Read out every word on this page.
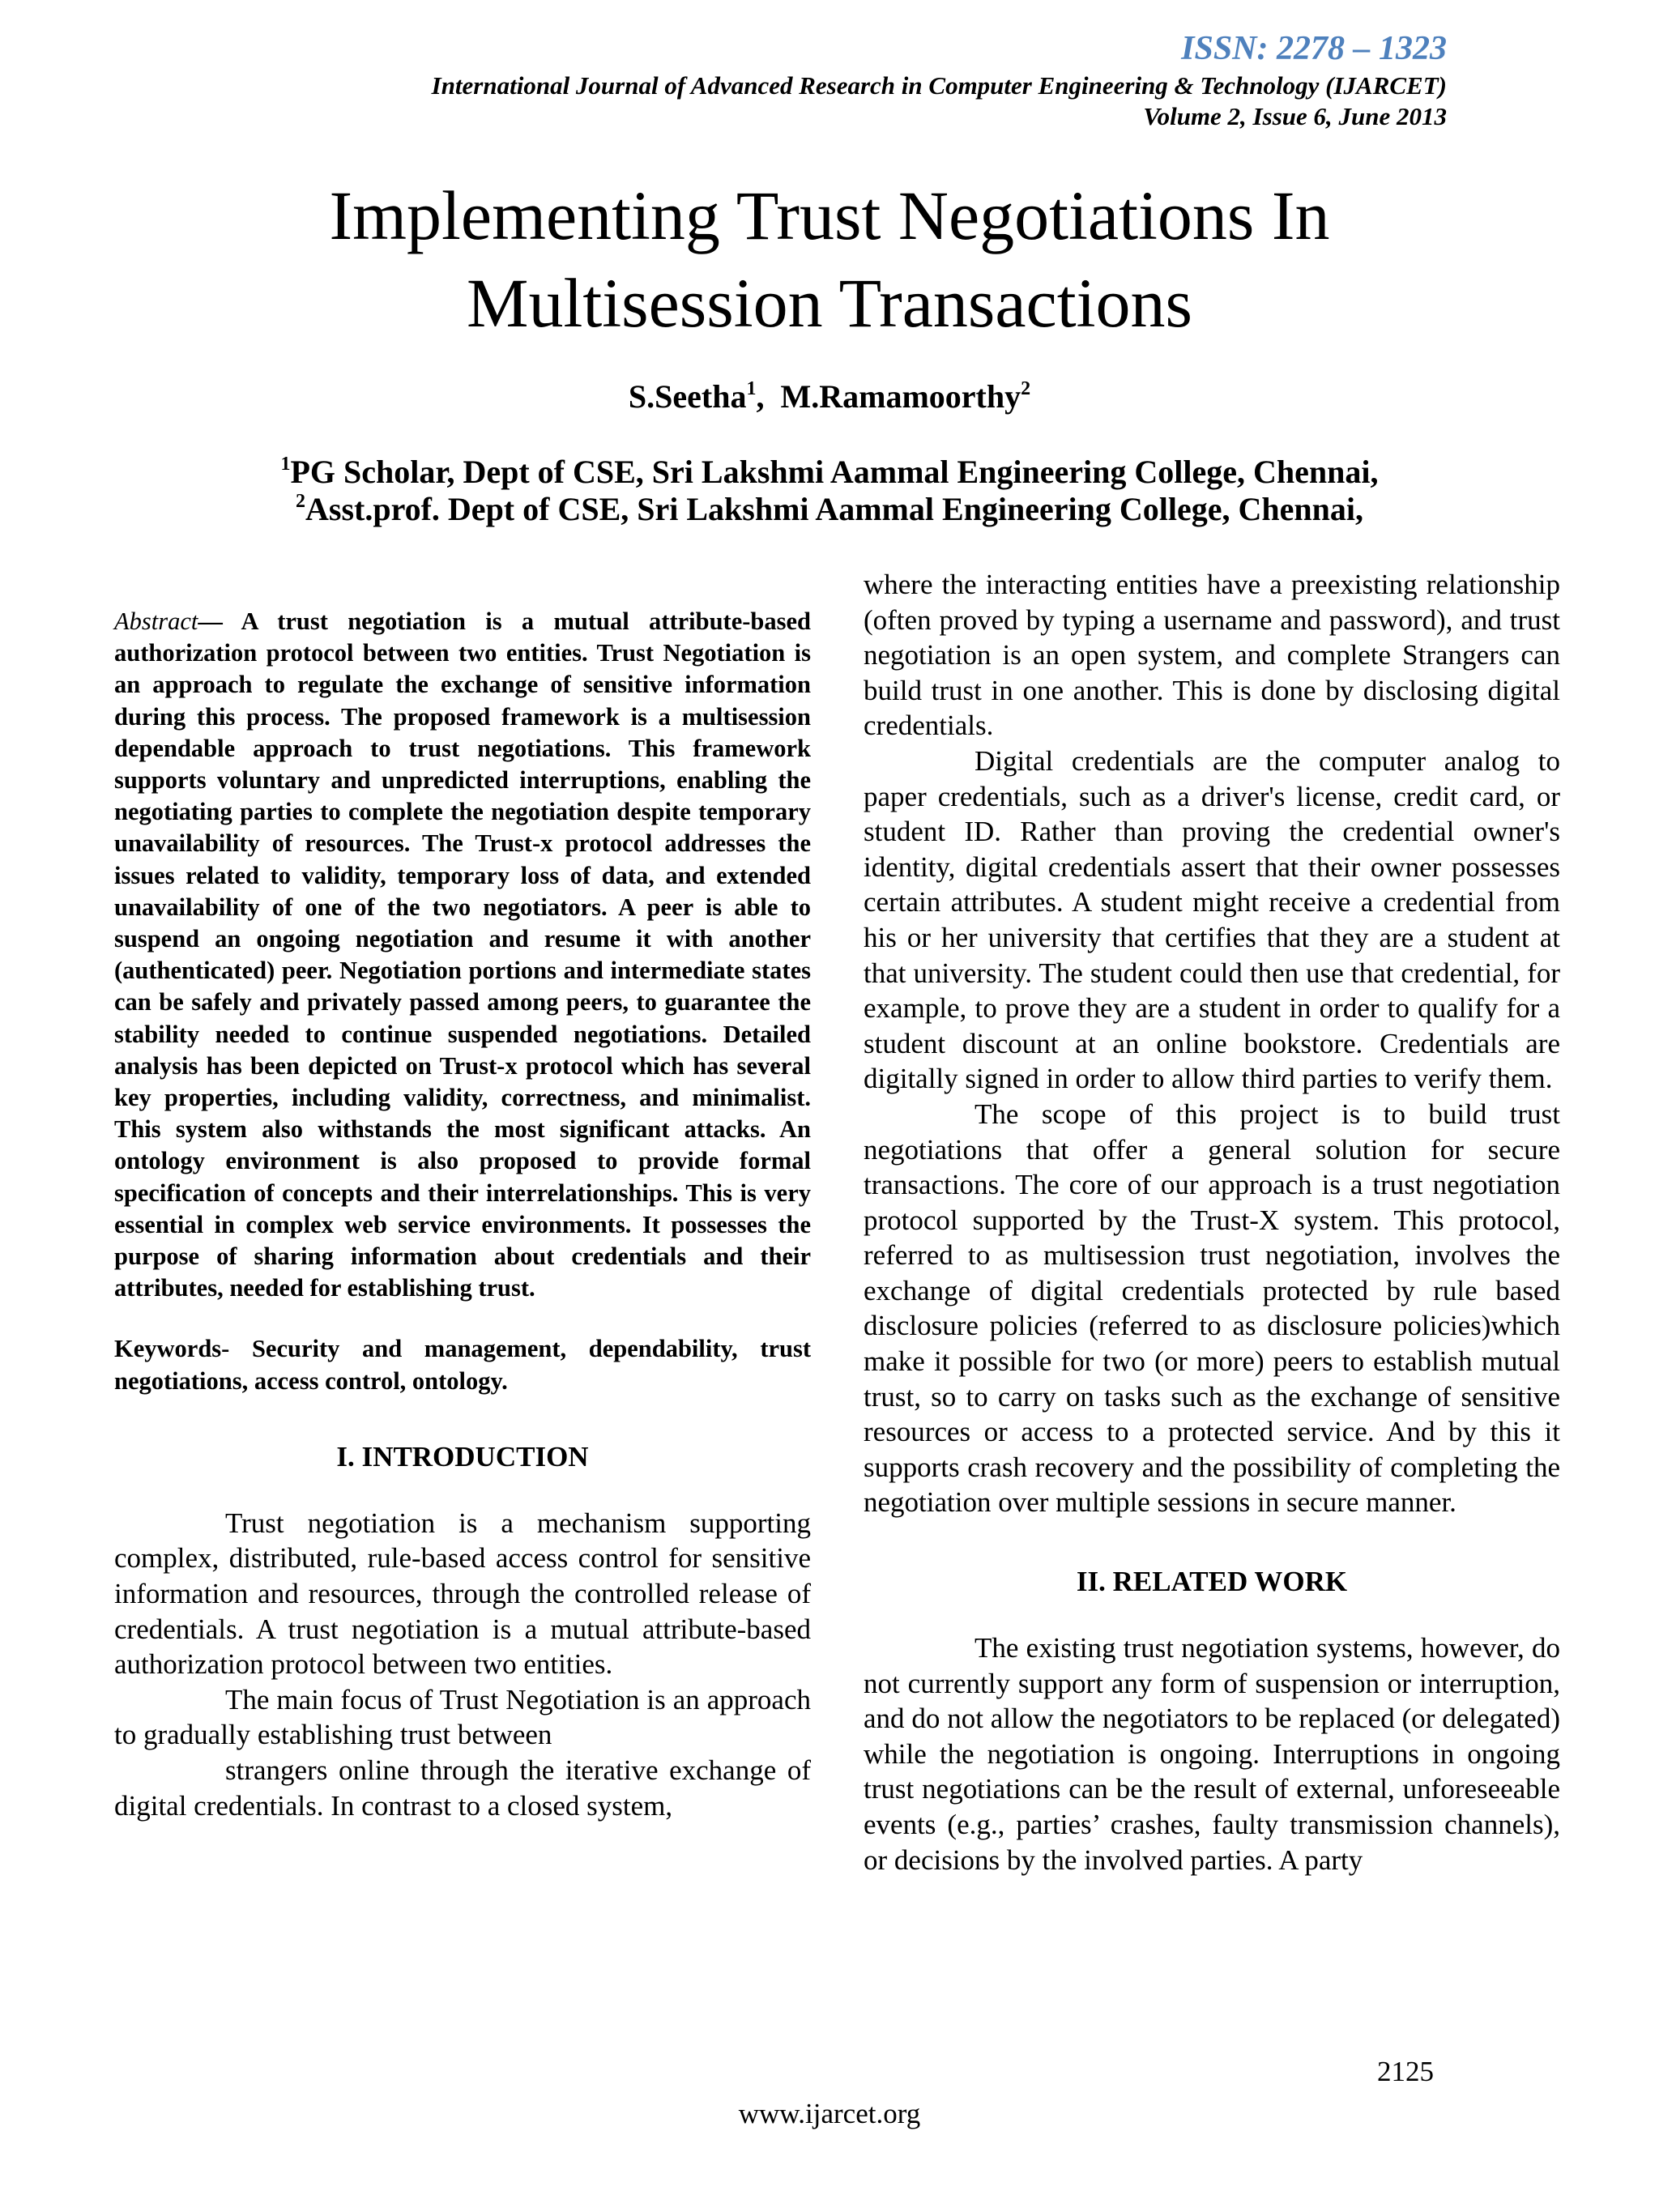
ISSN: 2278 – 1323
International Journal of Advanced Research in Computer Engineering & Technology (IJARCET)
Volume 2, Issue 6, June 2013
Implementing Trust Negotiations In
Multisession Transactions
S.Seetha$^1$,  M.Ramamoorthy$^2$
$^1$PG Scholar, Dept of CSE, Sri Lakshmi Aammal Engineering College, Chennai,
$^2$Asst.prof. Dept of CSE, Sri Lakshmi Aammal Engineering College, Chennai,

Abstract— A trust negotiation is a mutual attribute-based authorization protocol between two entities. Trust Negotiation is an approach to regulate the exchange of sensitive information during this process. The proposed framework is a multisession dependable approach to trust negotiations. This framework supports voluntary and unpredicted interruptions, enabling the negotiating parties to complete the negotiation despite temporary unavailability of resources. The Trust-x protocol addresses the issues related to validity, temporary loss of data, and extended unavailability of one of the two negotiators. A peer is able to suspend an ongoing negotiation and resume it with another (authenticated) peer. Negotiation portions and intermediate states can be safely and privately passed among peers, to guarantee the stability needed to continue suspended negotiations. Detailed analysis has been depicted on Trust-x protocol which has several key properties, including validity, correctness, and minimalist. This system also withstands the most significant attacks. An ontology environment is also proposed to provide formal specification of concepts and their interrelationships. This is very essential in complex web service environments. It possesses the purpose of sharing information about credentials and their attributes, needed for establishing trust.

Keywords- Security and management, dependability, trust negotiations, access control, ontology.

I. INTRODUCTION

Trust negotiation is a mechanism supporting complex, distributed, rule-based access control for sensitive information and resources, through the controlled release of credentials. A trust negotiation is a mutual attribute-based authorization protocol between two entities.

The main focus of Trust Negotiation is an approach to gradually establishing trust between

strangers online through the iterative exchange of digital credentials. In contrast to a closed system,

where the interacting entities have a preexisting relationship (often proved by typing a username and password), and trust negotiation is an open system, and complete Strangers can build trust in one another. This is done by disclosing digital credentials.

Digital credentials are the computer analog to paper credentials, such as a driver's license, credit card, or student ID. Rather than proving the credential owner's identity, digital credentials assert that their owner possesses certain attributes. A student might receive a credential from his or her university that certifies that they are a student at that university. The student could then use that credential, for example, to prove they are a student in order to qualify for a student discount at an online bookstore. Credentials are digitally signed in order to allow third parties to verify them.

The scope of this project is to build trust negotiations that offer a general solution for secure transactions. The core of our approach is a trust negotiation protocol supported by the Trust-X system. This protocol, referred to as multisession trust negotiation, involves the exchange of digital credentials protected by rule based disclosure policies (referred to as disclosure policies)which make it possible for two (or more) peers to establish mutual trust, so to carry on tasks such as the exchange of sensitive resources or access to a protected service. And by this it supports crash recovery and the possibility of completing the negotiation over multiple sessions in secure manner.

II. RELATED WORK

The existing trust negotiation systems, however, do not currently support any form of suspension or interruption, and do not allow the negotiators to be replaced (or delegated) while the negotiation is ongoing. Interruptions in ongoing trust negotiations can be the result of external, unforeseeable events (e.g., parties’ crashes, faulty transmission channels), or decisions by the involved parties. A party

2125
www.ijarcet.org
